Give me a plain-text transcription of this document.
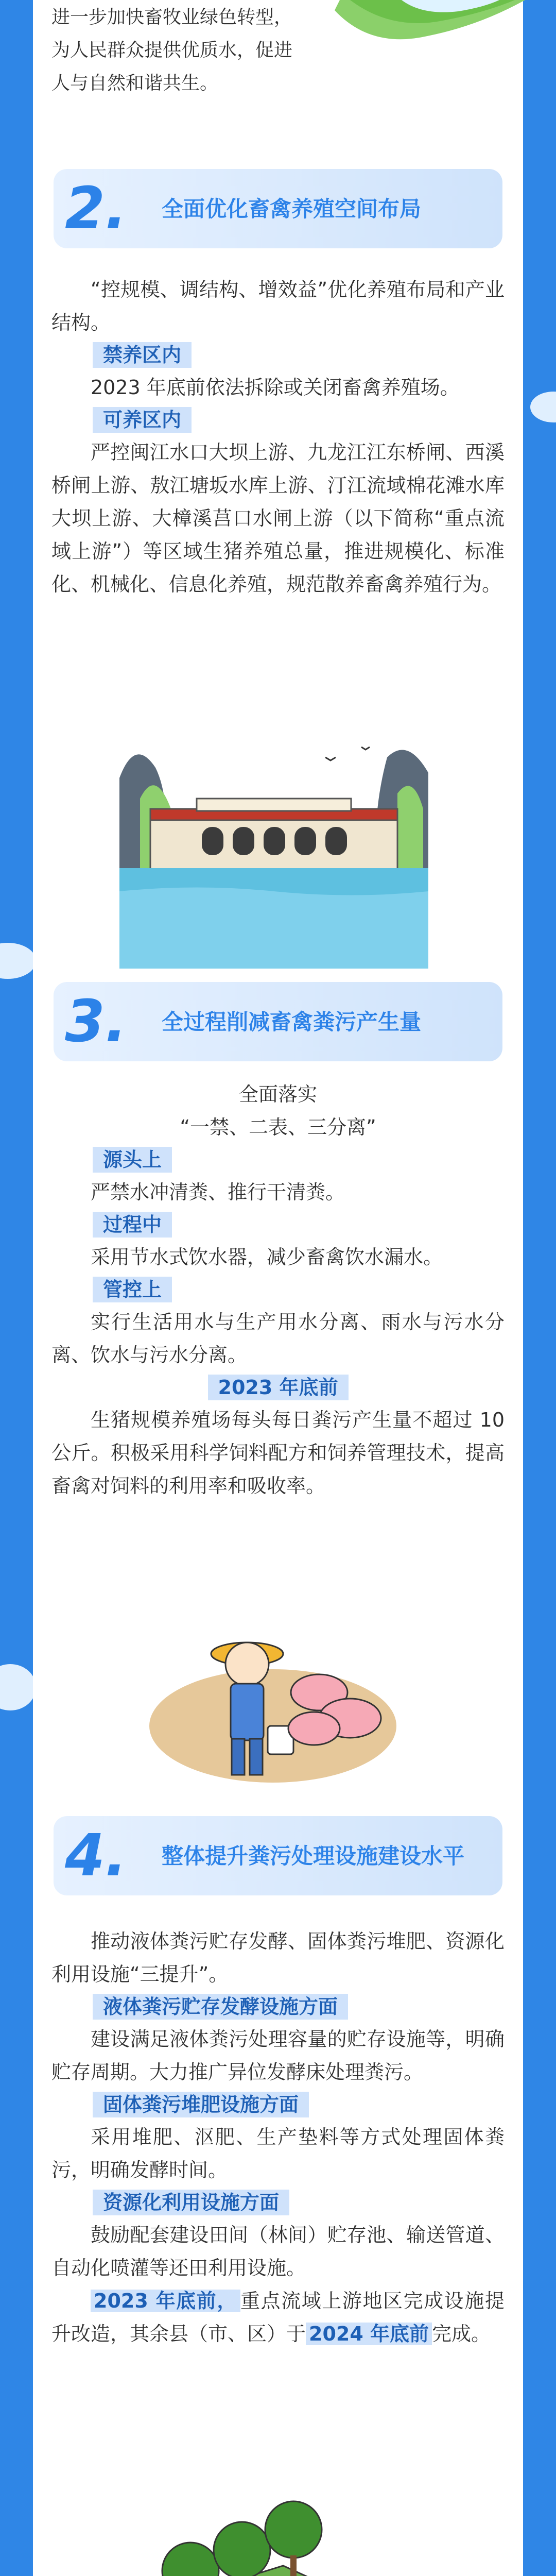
进一步加快畜牧业绿色转型，

为人民群众提供优质水，促进

人与自然和谐共生。

2. 全面优化畜禽养殖空间布局

“控规模、调结构、增效益”优化养殖布局和产业结构。

禁养区内

2023 年底前依法拆除或关闭畜禽养殖场。

可养区内

严控闽江水口大坝上游、九龙江江东桥闸、西溪桥闸上游、敖江塘坂水库上游、汀江流域棉花滩水库大坝上游、大樟溪莒口水闸上游（以下简称“重点流域上游”）等区域生猪养殖总量，推进规模化、标准化、机械化、信息化养殖，规范散养畜禽养殖行为。

3. 全过程削减畜禽粪污产生量

全面落实

“一禁、二表、三分离”

源头上

严禁水冲清粪、推行干清粪。

过程中

采用节水式饮水器，减少畜禽饮水漏水。

管控上

实行生活用水与生产用水分离、雨水与污水分离、饮水与污水分离。

2023 年底前

生猪规模养殖场每头每日粪污产生量不超过 10 公斤。积极采用科学饲料配方和饲养管理技术，提高畜禽对饲料的利用率和吸收率。

4. 整体提升粪污处理设施建设水平

推动液体粪污贮存发酵、固体粪污堆肥、资源化利用设施“三提升”。

液体粪污贮存发酵设施方面

建设满足液体粪污处理容量的贮存设施等，明确贮存周期。大力推广异位发酵床处理粪污。

固体粪污堆肥设施方面

采用堆肥、沤肥、生产垫料等方式处理固体粪污，明确发酵时间。

资源化利用设施方面

鼓励配套建设田间（林间）贮存池、输送管道、自动化喷灌等还田利用设施。

2023 年底前， 重点流域上游地区完成设施提升改造，其余县（市、区）于 2024 年底前 完成。
